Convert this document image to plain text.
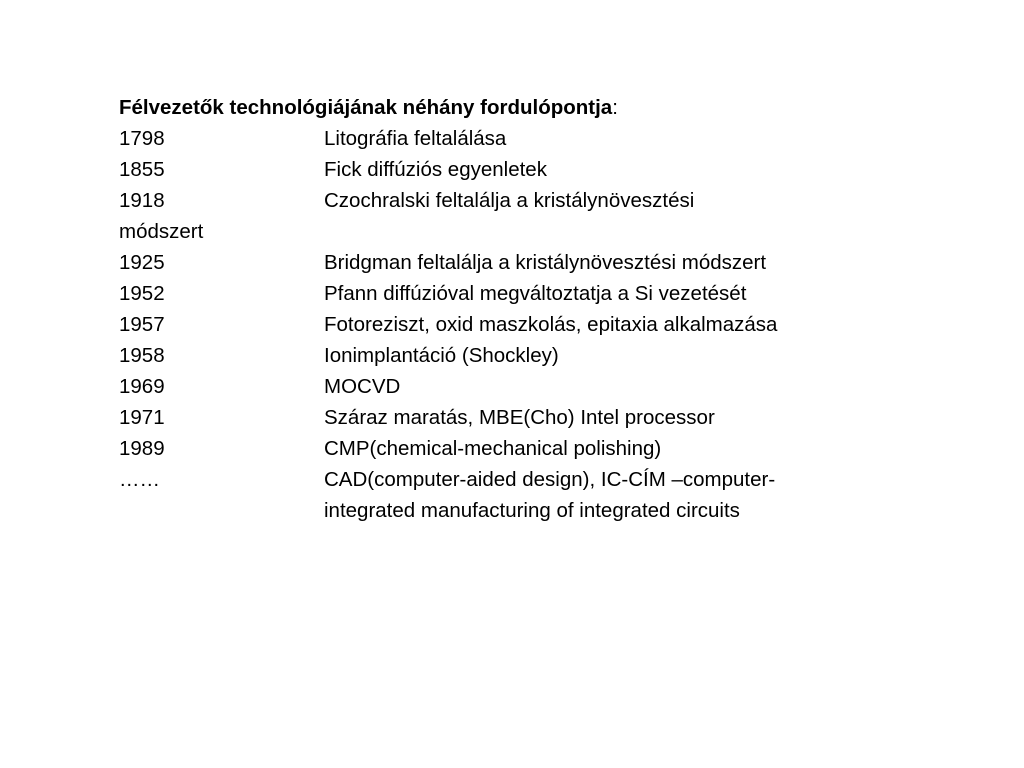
Félvezetők technológiájának néhány fordulópontja:
1798	Litográfia feltalálása
1855	Fick diffúziós egyenletek
1918	Czochralski feltalálja a kristálynövesztési
módszert
1925	Bridgman feltalálja a kristálynövesztési módszert
1952	Pfann diffúzióval megváltoztatja a Si vezetését
1957	Fotoreziszt, oxid maszkolás, epitaxia alkalmazása
1958	Ionimplantáció (Shockley)
1969	MOCVD
1971	Száraz maratás, MBE(Cho) Intel processor
1989	CMP(chemical-mechanical polishing)
……	CAD(computer-aided design), IC-CÍM –computer-
integrated manufacturing of integrated circuits
